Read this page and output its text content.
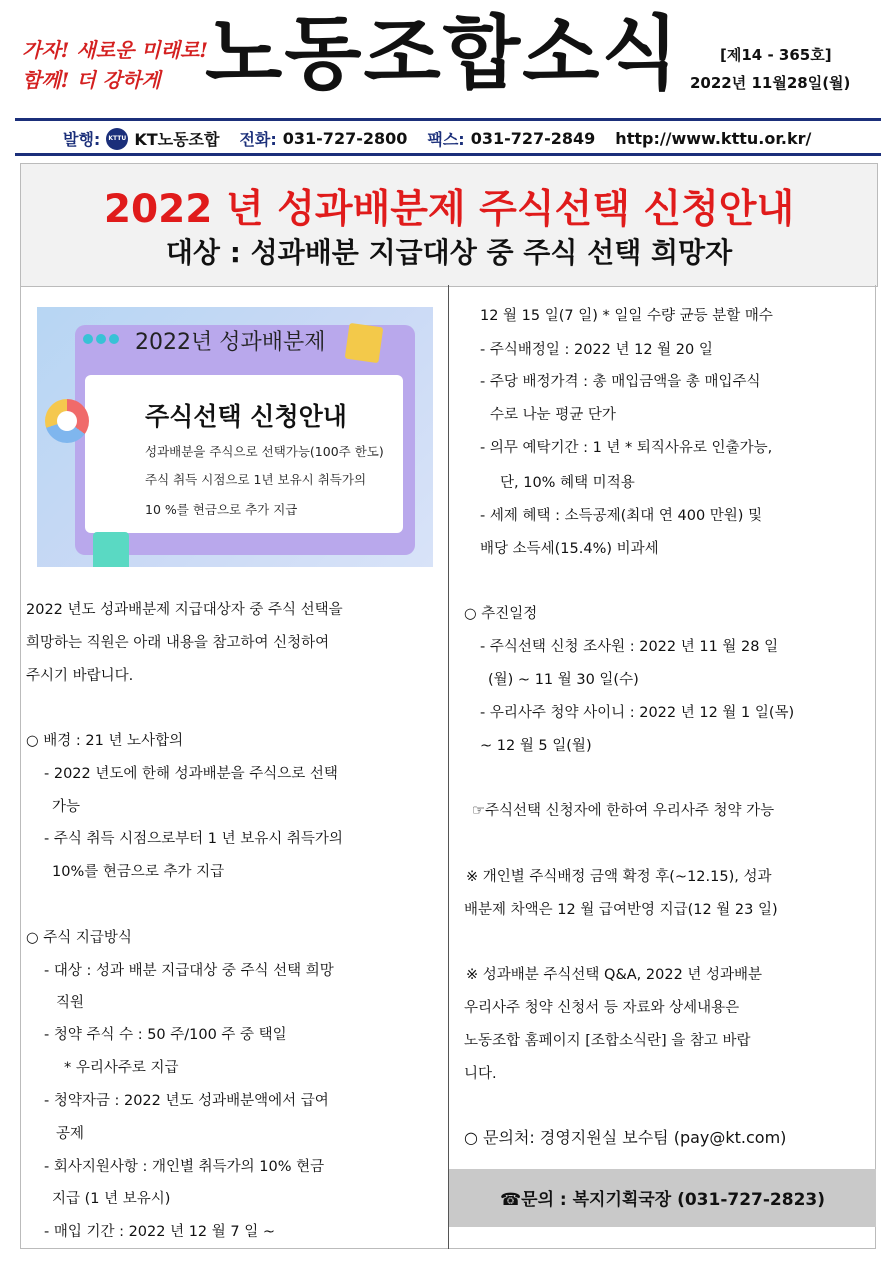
가자! 새로운 미래로!
함께! 더 강하게 노동조합소식	[제14 - 365호]
2022년 11월28일(월)
발행:	KTTU KT노동조합 전화: 031-727-2800 팩스: 031-727-2849 http://www.kttu.or.kr/
2022 년 성과배분제 주식선택 신청안내
대상 : 성과배분 지급대상 중 주식 선택 희망자
2022년 성과배분제
주식선택 신청안내
성과배분을 주식으로 선택가능(100주 한도)
주식 취득 시점으로 1년 보유시 취득가의
10 %를 현금으로 추가 지급
2022 년도 성과배분제 지급대상자 중 주식 선택을
희망하는 직원은 아래 내용을 참고하여 신청하여
주시기 바랍니다.
○ 배경 : 21 년 노사합의
- 2022 년도에 한해 성과배분을 주식으로 선택
가능
- 주식 취득 시점으로부터 1 년 보유시 취득가의
10%를 현금으로 추가 지급
○ 주식 지급방식
- 대상 : 성과 배분 지급대상 중 주식 선택 희망
직원
- 청약 주식 수 : 50 주/100 주 중 택일
* 우리사주로 지급
- 청약자금 : 2022 년도 성과배분액에서 급여
공제
- 회사지원사항 : 개인별 취득가의 10% 현금
지급 (1 년 보유시)
- 매입 기간 : 2022 년 12 월 7 일 ~
12 월 15 일(7 일) * 일일 수량 균등 분할 매수
- 주식배정일 : 2022 년 12 월 20 일
- 주당 배정가격 : 총 매입금액을 총 매입주식
수로 나눈 평균 단가
- 의무 예탁기간 : 1 년 * 퇴직사유로 인출가능,
단, 10% 혜택 미적용
- 세제 혜택 : 소득공제(최대 연 400 만원) 및
배당 소득세(15.4%) 비과세
○ 추진일정
- 주식선택 신청 조사원 : 2022 년 11 월 28 일
(월) ~ 11 월 30 일(수)
- 우리사주 청약 사이니 : 2022 년 12 월 1 일(목)
~ 12 월 5 일(월)
☞주식선택 신청자에 한하여 우리사주 청약 가능
※ 개인별 주식배정 금액 확정 후(~12.15), 성과
배분제 차액은 12 월 급여반영 지급(12 월 23 일)
※ 성과배분 주식선택 Q&A, 2022 년 성과배분
우리사주 청약 신청서 등 자료와 상세내용은
노동조합 홈페이지 [조합소식란] 을 참고 바랍
니다.
○ 문의처: 경영지원실 보수팀 (pay@kt.com)
☎문의 : 복지기획국장 (031-727-2823)
